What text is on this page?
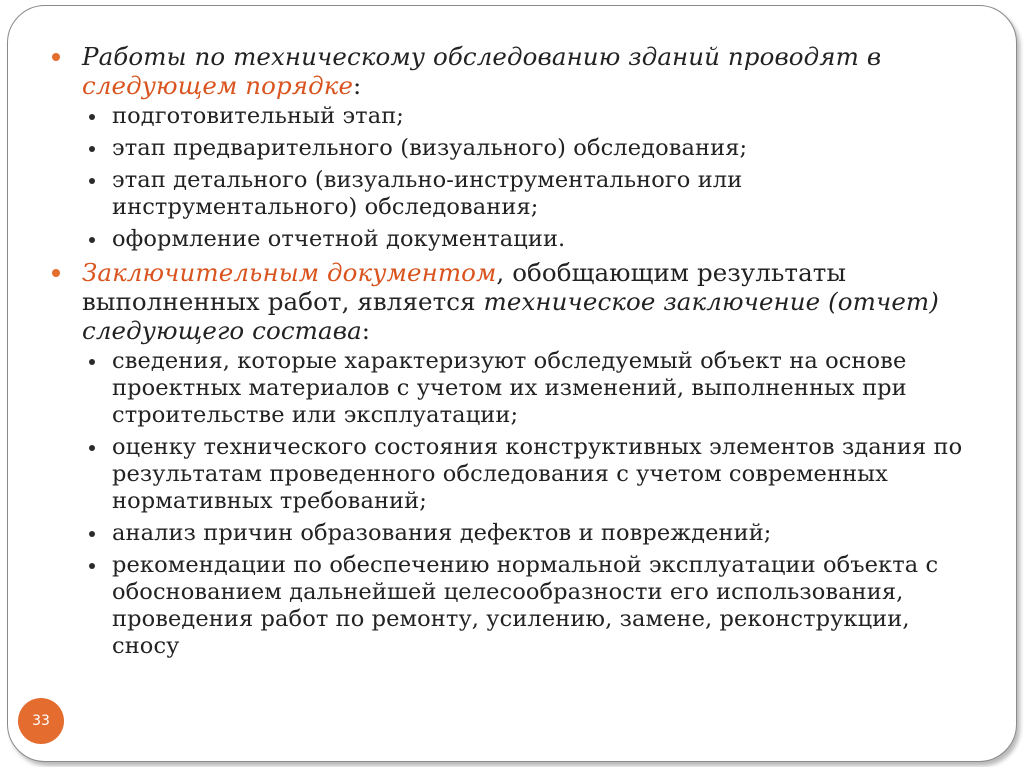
Работы по техническому обследованию зданий проводят в следующем порядке:
подготовительный этап;
этап предварительного (визуального) обследования;
этап детального (визуально-инструментального или инструментального) обследования;
оформление отчетной документации.
Заключительным документом, обобщающим результаты выполненных работ, является техническое заключение (отчет) следующего состава:
сведения, которые характеризуют обследуемый объект на основе проектных материалов с учетом их изменений, выполненных при строительстве или эксплуатации;
оценку технического состояния конструктивных элементов здания по результатам проведенного обследования с учетом современных нормативных требований;
анализ причин образования дефектов и повреждений;
рекомендации по обеспечению нормальной эксплуатации объекта с обоснованием дальнейшей целесообразности его использования, проведения работ по ремонту, усилению, замене, реконструкции, сносу
33
